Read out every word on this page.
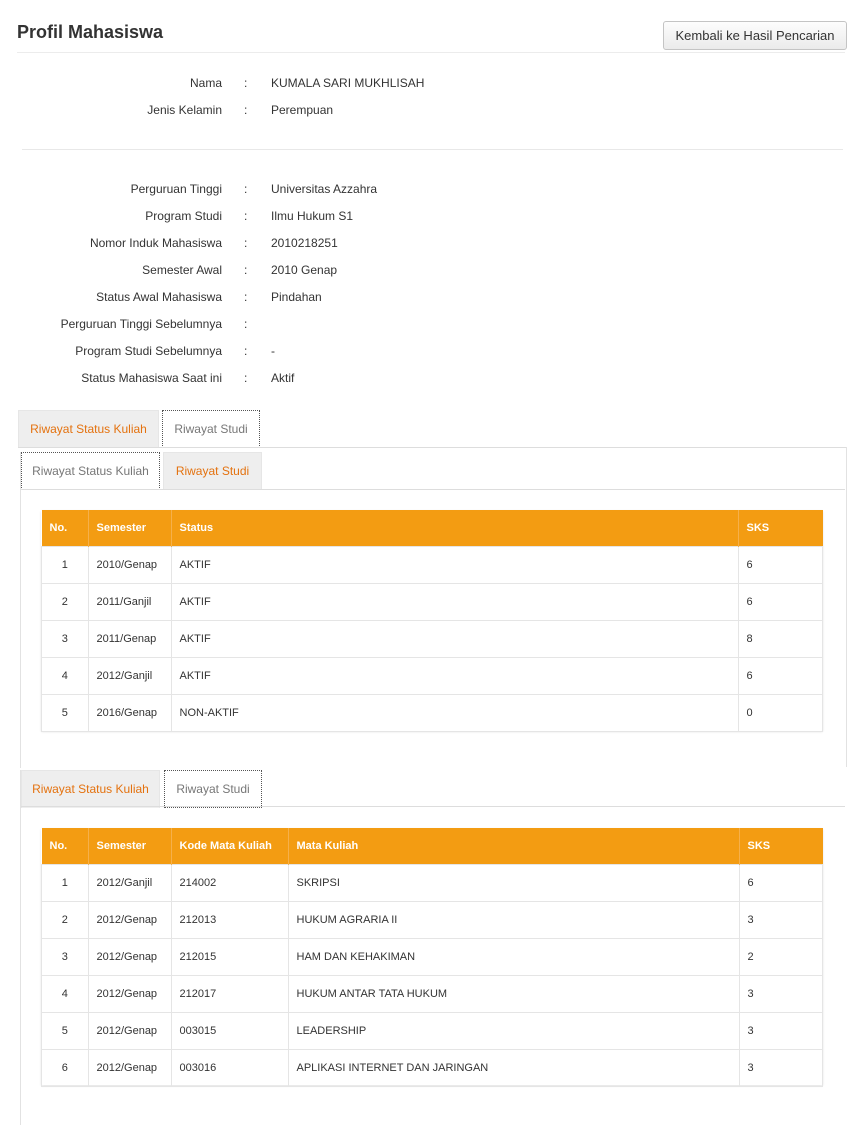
Profil Mahasiswa	Kembali ke Hasil Pencarian
Nama : KUMALA SARI MUKHLISAH
Jenis Kelamin : Perempuan
Perguruan Tinggi : Universitas Azzahra
Program Studi : Ilmu Hukum S1
Nomor Induk Mahasiswa : 2010218251
Semester Awal : 2010 Genap
Status Awal Mahasiswa : Pindahan
Perguruan Tinggi Sebelumnya :
Program Studi Sebelumnya : -
Status Mahasiswa Saat ini : Aktif
Riwayat Status Kuliah	Riwayat Studi
Riwayat Status Kuliah	Riwayat Studi
No.	Semester	Status	SKS
1	2010/Genap	AKTIF	6
2	2011/Ganjil	AKTIF	6
3	2011/Genap	AKTIF	8
4	2012/Ganjil	AKTIF	6
5	2016/Genap	NON-AKTIF	0
Riwayat Status Kuliah	Riwayat Studi
No.	Semester	Kode Mata Kuliah	Mata Kuliah	SKS
1	2012/Ganjil	214002	SKRIPSI	6
2	2012/Genap	212013	HUKUM AGRARIA II	3
3	2012/Genap	212015	HAM DAN KEHAKIMAN	2
4	2012/Genap	212017	HUKUM ANTAR TATA HUKUM	3
5	2012/Genap	003015	LEADERSHIP	3
6	2012/Genap	003016	APLIKASI INTERNET DAN JARINGAN	3
